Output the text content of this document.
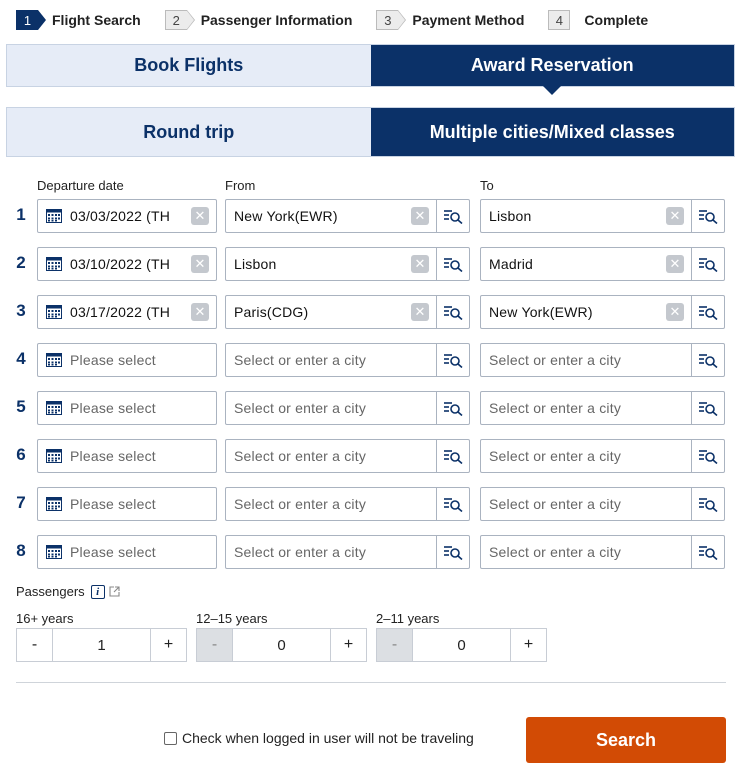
1	Flight Search	2	Passenger Information	3	Payment Method	4	Complete
Book Flights	Award Reservation
Round trip	Multiple cities/Mixed classes
Departure date	From	To
1	03/03/2022 (TH	✕	New York(EWR)	✕	Lisbon	✕
2	03/10/2022 (TH	✕	Lisbon	✕	Madrid	✕
3	03/17/2022 (TH	✕	Paris(CDG)	✕	New York(EWR)	✕
4	Please select	Select or enter a city	Select or enter a city
5	Please select	Select or enter a city	Select or enter a city
6	Please select	Select or enter a city	Select or enter a city
7	Please select	Select or enter a city	Select or enter a city
8	Please select	Select or enter a city	Select or enter a city
Passengers	i
16+ years	12–15 years	2–11 years
-	1	+	-	0	+	-	0	+
Check when logged in user will not be traveling	Search
